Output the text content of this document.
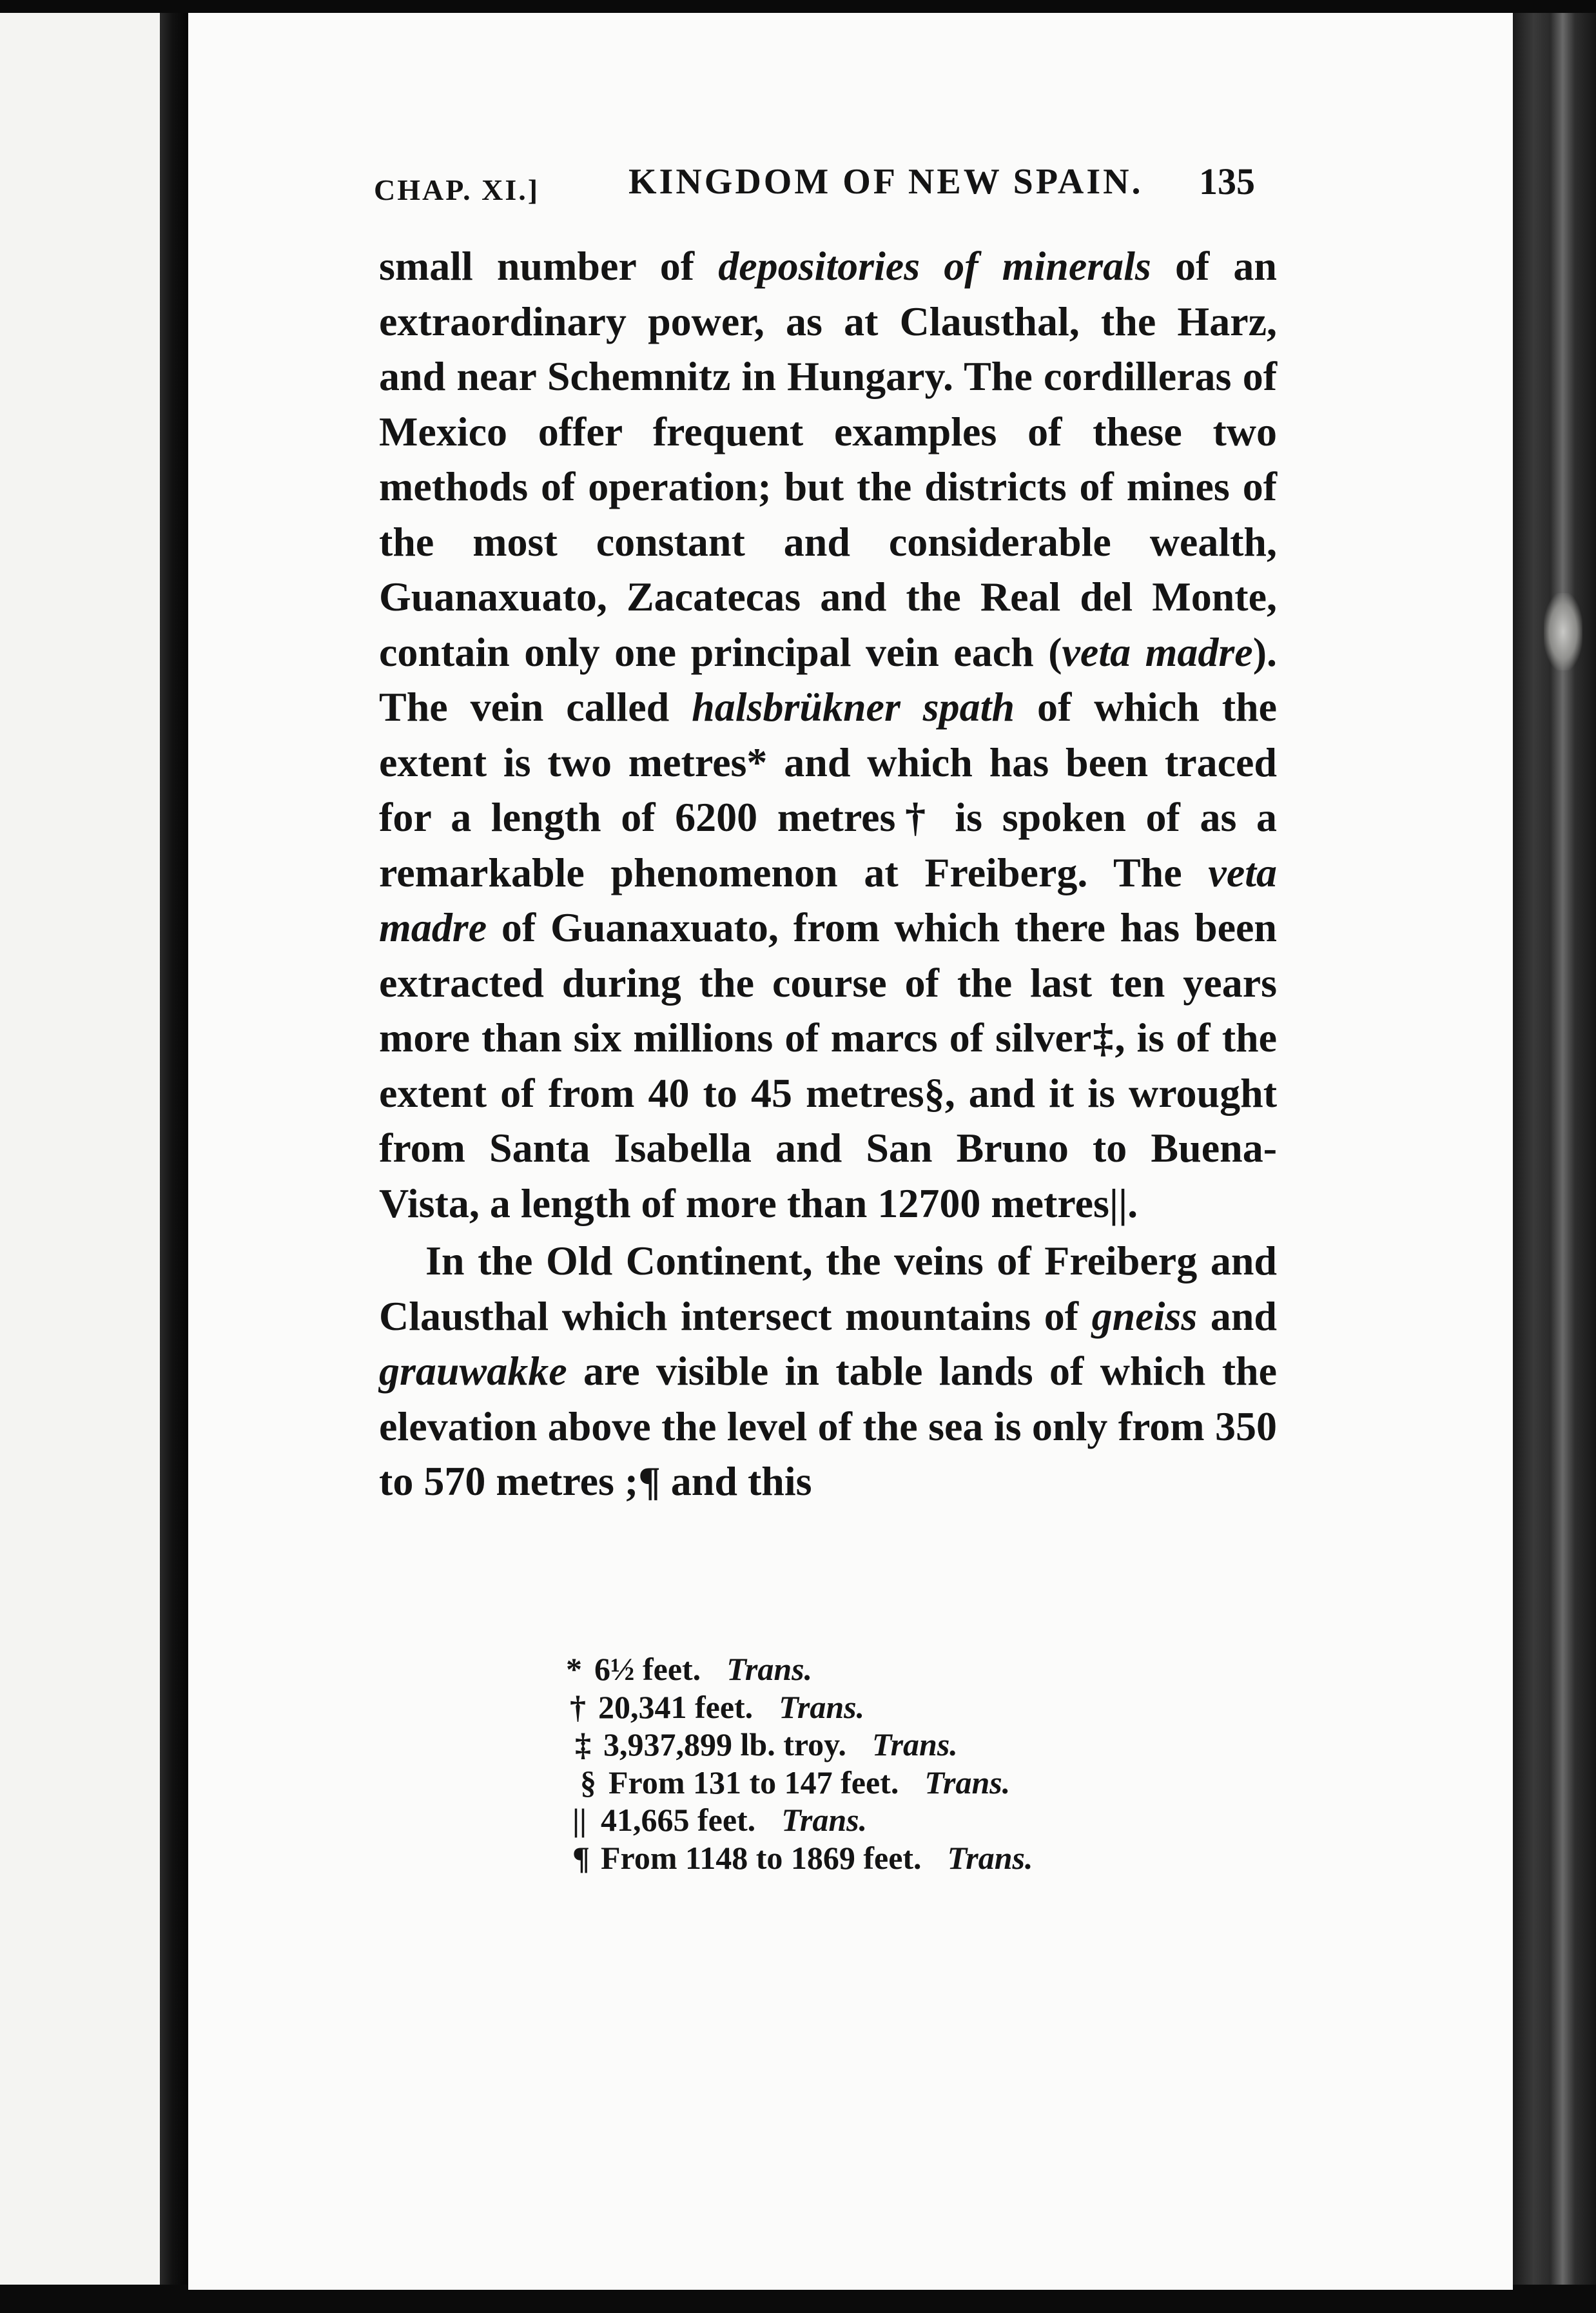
CHAP. XI.] KINGDOM OF NEW SPAIN. 135

small number of depositories of minerals of an extraordinary power, as at Clausthal, the Harz, and near Schemnitz in Hungary. The cordilleras of Mexico offer frequent examples of these two methods of operation; but the districts of mines of the most constant and considerable wealth, Guanaxuato, Zacatecas and the Real del Monte, contain only one principal vein each (veta madre). The vein called halsbrükner spath of which the extent is two metres* and which has been traced for a length of 6200 metres† is spoken of as a remarkable phenomenon at Freiberg. The veta madre of Guanaxuato, from which there has been extracted during the course of the last ten years more than six millions of marcs of silver‡, is of the extent of from 40 to 45 metres§, and it is wrought from Santa Isabella and San Bruno to Buena-Vista, a length of more than 12700 metres||.

In the Old Continent, the veins of Freiberg and Clausthal which intersect mountains of gneiss and grauwakke are visible in table lands of which the elevation above the level of the sea is only from 350 to 570 metres ;¶ and this

* 6½ feet. Trans.
† 20,341 feet. Trans.
‡ 3,937,899 lb. troy. Trans.
§ From 131 to 147 feet. Trans.
|| 41,665 feet. Trans.
¶ From 1148 to 1869 feet. Trans.
